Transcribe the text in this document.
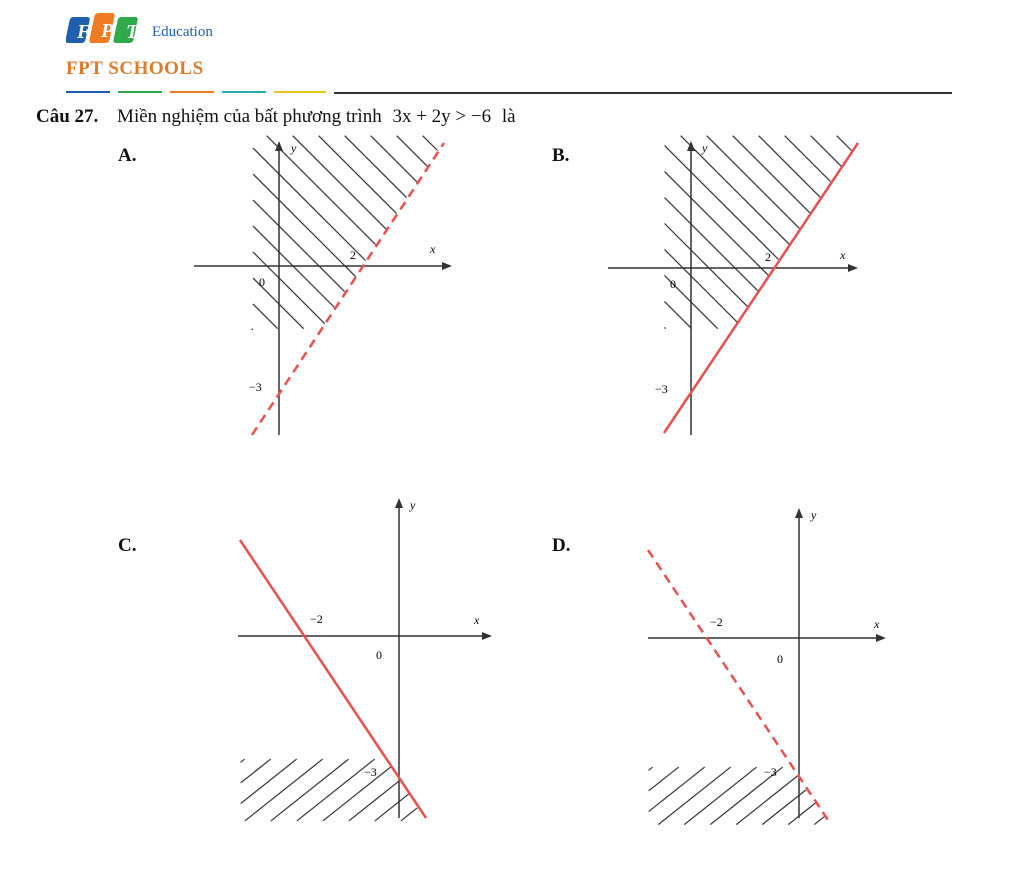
F P T Education
FPT SCHOOLS
Câu 27. Miền nghiệm của bất phương trình 3x + 2y > −6 là
A.	B.
C.	D.
y
x
0
2
−3
y
x
0
2
−3
y
x
0
−2
−3
y
x
0
−2
−3
